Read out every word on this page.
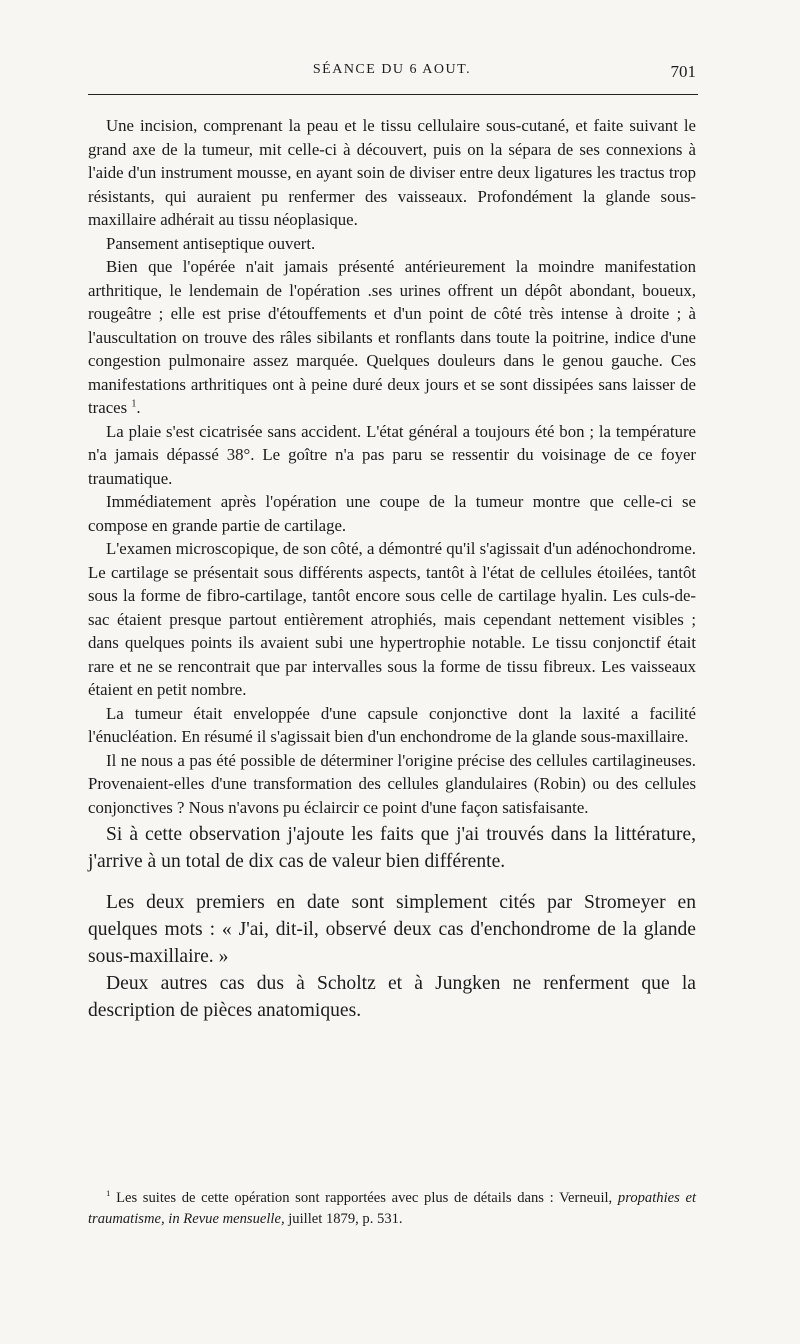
SÉANCE DU 6 AOUT.	701

Une incision, comprenant la peau et le tissu cellulaire sous-cutané, et faite suivant le grand axe de la tumeur, mit celle-ci à découvert, puis on la sépara de ses connexions à l'aide d'un instrument mousse, en ayant soin de diviser entre deux ligatures les tractus trop résistants, qui auraient pu renfermer des vaisseaux. Profondément la glande sous-maxillaire adhérait au tissu néoplasique.

Pansement antiseptique ouvert.

Bien que l'opérée n'ait jamais présenté antérieurement la moindre manifestation arthritique, le lendemain de l'opération .ses urines offrent un dépôt abondant, boueux, rougeâtre ; elle est prise d'étouffements et d'un point de côté très intense à droite ; à l'auscultation on trouve des râles sibilants et ronflants dans toute la poitrine, indice d'une congestion pulmonaire assez marquée. Quelques douleurs dans le genou gauche. Ces manifestations arthritiques ont à peine duré deux jours et se sont dissipées sans laisser de traces $^1$.

La plaie s'est cicatrisée sans accident. L'état général a toujours été bon ; la température n'a jamais dépassé 38°. Le goître n'a pas paru se ressentir du voisinage de ce foyer traumatique.

Immédiatement après l'opération une coupe de la tumeur montre que celle-ci se compose en grande partie de cartilage.

L'examen microscopique, de son côté, a démontré qu'il s'agissait d'un adénochondrome. Le cartilage se présentait sous différents aspects, tantôt à l'état de cellules étoilées, tantôt sous la forme de fibro-cartilage, tantôt encore sous celle de cartilage hyalin. Les culs-de-sac étaient presque partout entièrement atrophiés, mais cependant nettement visibles ; dans quelques points ils avaient subi une hypertrophie notable. Le tissu conjonctif était rare et ne se rencontrait que par intervalles sous la forme de tissu fibreux. Les vaisseaux étaient en petit nombre.

La tumeur était enveloppée d'une capsule conjonctive dont la laxité a facilité l'énucléation. En résumé il s'agissait bien d'un enchondrome de la glande sous-maxillaire.

Il ne nous a pas été possible de déterminer l'origine précise des cellules cartilagineuses. Provenaient-elles d'une transformation des cellules glandulaires (Robin) ou des cellules conjonctives ? Nous n'avons pu éclaircir ce point d'une façon satisfaisante.

Si à cette observation j'ajoute les faits que j'ai trouvés dans la littérature, j'arrive à un total de dix cas de valeur bien différente.

Les deux premiers en date sont simplement cités par Stromeyer en quelques mots : « J'ai, dit-il, observé deux cas d'enchondrome de la glande sous-maxillaire. »

Deux autres cas dus à Scholtz et à Jungken ne renferment que la description de pièces anatomiques.

$^1$ Les suites de cette opération sont rapportées avec plus de détails dans : Verneuil, propathies et traumatisme, in Revue mensuelle, juillet 1879, p. 531.
